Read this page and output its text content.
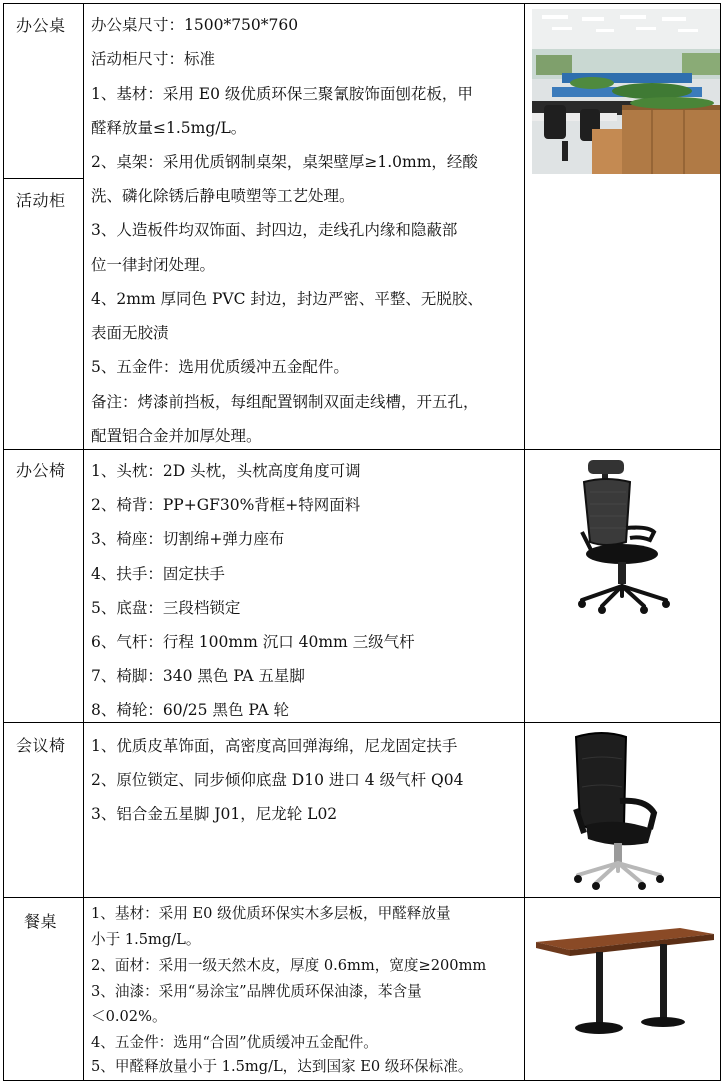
办公桌
活动柜
办公椅
会议椅
餐桌
办公桌尺寸：1500*750*760
活动柜尺寸：标准
1、基材：采用 E0 级优质环保三聚氰胺饰面刨花板，甲
醛释放量≤1.5mg/L。
2、桌架：采用优质钢制桌架，桌架壁厚≥1.0mm，经酸
洗、磷化除锈后静电喷塑等工艺处理。
3、人造板件均双饰面、封四边，走线孔内缘和隐蔽部
位一律封闭处理。
4、2mm 厚同色 PVC 封边，封边严密、平整、无脱胶、
表面无胶渍
5、五金件：选用优质缓冲五金配件。
备注：烤漆前挡板，每组配置钢制双面走线槽，开五孔，
配置铝合金并加厚处理。
1、头枕：2D 头枕，头枕高度角度可调
2、椅背：PP+GF30%背框+特网面料
3、椅座：切割绵+弹力座布
4、扶手：固定扶手
5、底盘：三段档锁定
6、气杆：行程 100mm 沉口 40mm 三级气杆
7、椅脚：340 黑色 PA 五星脚
8、椅轮：60/25 黑色 PA 轮
1、优质皮革饰面，高密度高回弹海绵，尼龙固定扶手
2、原位锁定、同步倾仰底盘 D10 进口 4 级气杆 Q04
3、铝合金五星脚 J01，尼龙轮 L02
1、基材：采用 E0 级优质环保实木多层板，甲醛释放量
小于 1.5mg/L。
2、面材：采用一级天然木皮，厚度 0.6mm，宽度≥200mm
3、油漆：采用“易涂宝”品牌优质环保油漆，苯含量
＜0.02%。
4、五金件：选用“合固”优质缓冲五金配件。
5、甲醛释放量小于 1.5mg/L，达到国家 E0 级环保标准。
